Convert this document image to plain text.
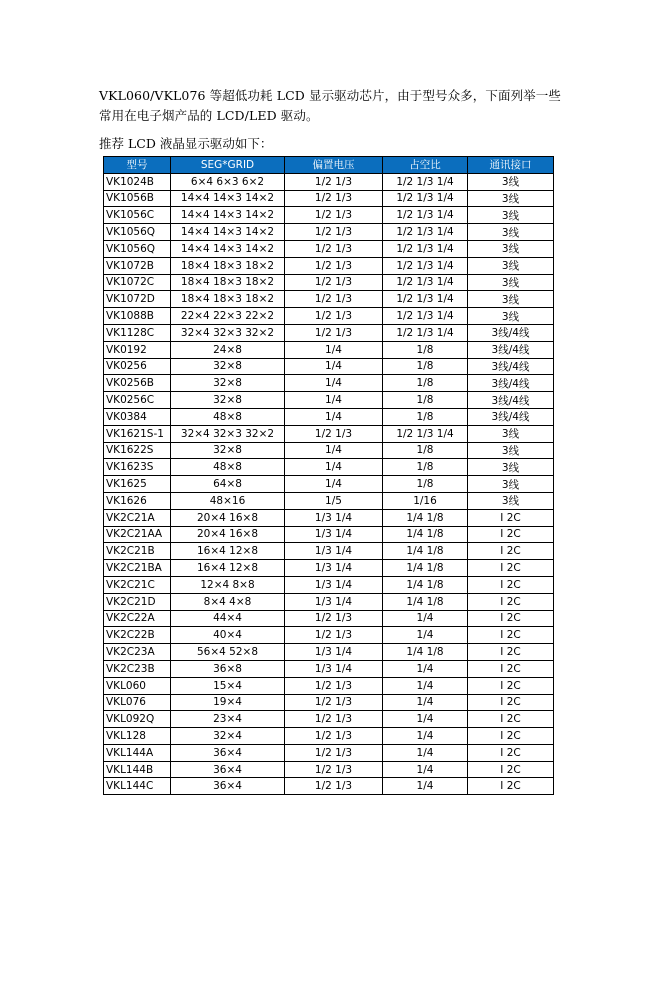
VKL060/VKL076 等超低功耗 LCD 显示驱动芯片，由于型号众多，下面列举一些

常用在电子烟产品的 LCD/LED 驱动。

推荐 LCD 液晶显示驱动如下：
型号	SEG*GRID	偏置电压	占空比	通讯接口
VK1024B	6×4 6×3 6×2	1/2 1/3	1/2 1/3 1/4	3线
VK1056B	14×4 14×3 14×2	1/2 1/3	1/2 1/3 1/4	3线
VK1056C	14×4 14×3 14×2	1/2 1/3	1/2 1/3 1/4	3线
VK1056Q	14×4 14×3 14×2	1/2 1/3	1/2 1/3 1/4	3线
VK1056Q	14×4 14×3 14×2	1/2 1/3	1/2 1/3 1/4	3线
VK1072B	18×4 18×3 18×2	1/2 1/3	1/2 1/3 1/4	3线
VK1072C	18×4 18×3 18×2	1/2 1/3	1/2 1/3 1/4	3线
VK1072D	18×4 18×3 18×2	1/2 1/3	1/2 1/3 1/4	3线
VK1088B	22×4 22×3 22×2	1/2 1/3	1/2 1/3 1/4	3线
VK1128C	32×4 32×3 32×2	1/2 1/3	1/2 1/3 1/4	3线/4线
VK0192	24×8	1/4	1/8	3线/4线
VK0256	32×8	1/4	1/8	3线/4线
VK0256B	32×8	1/4	1/8	3线/4线
VK0256C	32×8	1/4	1/8	3线/4线
VK0384	48×8	1/4	1/8	3线/4线
VK1621S-1	32×4 32×3 32×2	1/2 1/3	1/2 1/3 1/4	3线
VK1622S	32×8	1/4	1/8	3线
VK1623S	48×8	1/4	1/8	3线
VK1625	64×8	1/4	1/8	3线
VK1626	48×16	1/5	1/16	3线
VK2C21A	20×4 16×8	1/3 1/4	1/4 1/8	I 2C
VK2C21AA	20×4 16×8	1/3 1/4	1/4 1/8	I 2C
VK2C21B	16×4 12×8	1/3 1/4	1/4 1/8	I 2C
VK2C21BA	16×4 12×8	1/3 1/4	1/4 1/8	I 2C
VK2C21C	12×4 8×8	1/3 1/4	1/4 1/8	I 2C
VK2C21D	8×4 4×8	1/3 1/4	1/4 1/8	I 2C
VK2C22A	44×4	1/2 1/3	1/4	I 2C
VK2C22B	40×4	1/2 1/3	1/4	I 2C
VK2C23A	56×4 52×8	1/3 1/4	1/4 1/8	I 2C
VK2C23B	36×8	1/3 1/4	1/4	I 2C
VKL060	15×4	1/2 1/3	1/4	I 2C
VKL076	19×4	1/2 1/3	1/4	I 2C
VKL092Q	23×4	1/2 1/3	1/4	I 2C
VKL128	32×4	1/2 1/3	1/4	I 2C
VKL144A	36×4	1/2 1/3	1/4	I 2C
VKL144B	36×4	1/2 1/3	1/4	I 2C
VKL144C	36×4	1/2 1/3	1/4	I 2C
